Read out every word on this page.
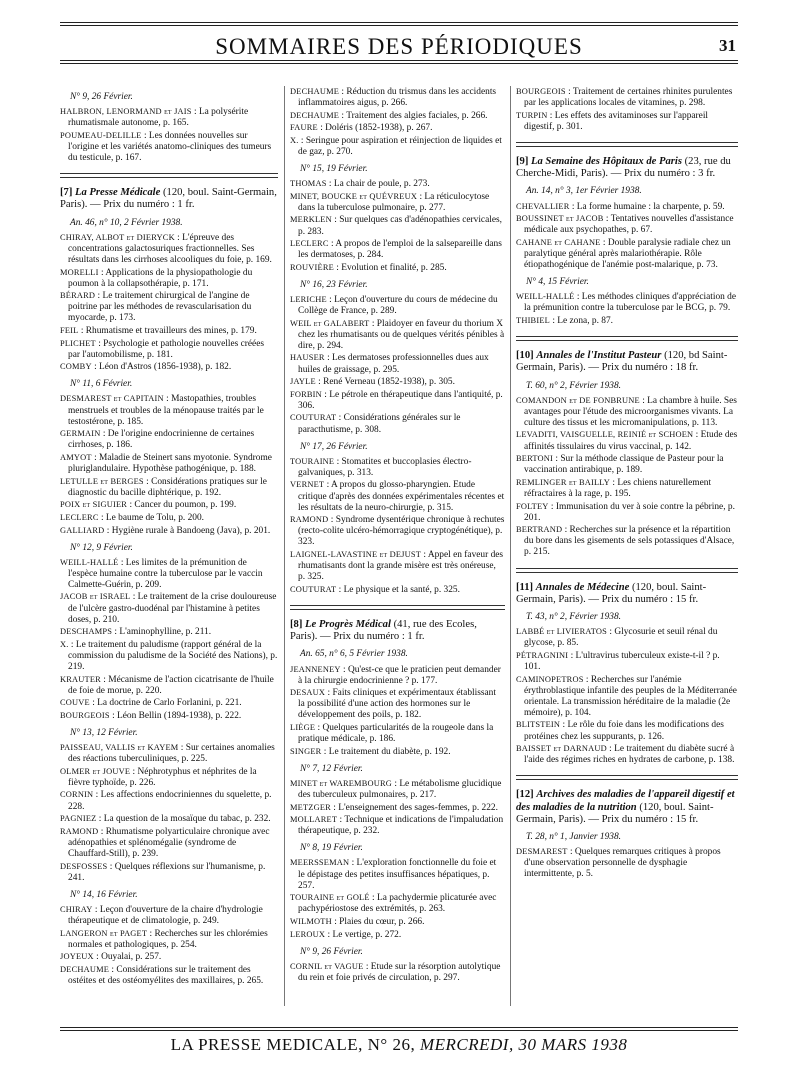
SOMMAIRES DES PÉRIODIQUES	31
N° 9, 26 Février.
HALBRON, LENORMAND et JAIS : La polysérite rhumatismale autonome, p. 165.
POUMEAU-DELILLE : Les données nouvelles sur l'origine et les variétés anatomo-cliniques des tumeurs du testicule, p. 167.
[7] La Presse Médicale (120, boul. Saint-Germain, Paris). — Prix du numéro : 1 fr.
An. 46, n° 10, 2 Février 1938.
CHIRAY, ALBOT et DIERYCK : L'épreuve des concentrations galactosuriques fractionnelles. Ses résultats dans les cirrhoses alcooliques du foie, p. 169.
MORELLI : Applications de la physiopathologie du poumon à la collapsothérapie, p. 171.
BÉRARD : Le traitement chirurgical de l'angine de poitrine par les méthodes de revascularisation du myocarde, p. 173.
FEIL : Rhumatisme et travailleurs des mines, p. 179.
PLICHET : Psychologie et pathologie nouvelles créées par l'automobilisme, p. 181.
COMBY : Léon d'Astros (1856-1938), p. 182.
N° 11, 6 Février.
DESMAREST et CAPITAIN : Mastopathies, troubles menstruels et troubles de la ménopause traités par le testostérone, p. 185.
GERMAIN : De l'origine endocrinienne de certaines cirrhoses, p. 186.
AMYOT : Maladie de Steinert sans myotonie. Syndrome pluriglandulaire. Hypothèse pathogénique, p. 188.
LETULLE et BERGES : Considérations pratiques sur le diagnostic du bacille diphtérique, p. 192.
POIX et SIGUIER : Cancer du poumon, p. 199.
LECLERC : Le baume de Tolu, p. 200.
GALLIARD : Hygiène rurale à Bandoeng (Java), p. 201.
N° 12, 9 Février.
WEILL-HALLÉ : Les limites de la prémunition de l'espèce humaine contre la tuberculose par le vaccin Calmette-Guérin, p. 209.
JACOB et ISRAEL : Le traitement de la crise douloureuse de l'ulcère gastro-duodénal par l'histamine à petites doses, p. 210.
DESCHAMPS : L'aminophylline, p. 211.
X. : Le traitement du paludisme (rapport général de la commission du paludisme de la Société des Nations), p. 219.
KRAUTER : Mécanisme de l'action cicatrisante de l'huile de foie de morue, p. 220.
COUVE : La doctrine de Carlo Forlanini, p. 221.
BOURGEOIS : Léon Bellin (1894-1938), p. 222.
N° 13, 12 Février.
PAISSEAU, VALLIS et KAYEM : Sur certaines anomalies des réactions tuberculiniques, p. 225.
OLMER et JOUVE : Néphrotyphus et néphrites de la fièvre typhoïde, p. 226.
CORNIN : Les affections endocriniennes du squelette, p. 228.
PAGNIEZ : La question de la mosaïque du tabac, p. 232.
RAMOND : Rhumatisme polyarticulaire chronique avec adénopathies et splénomégalie (syndrome de Chauffard-Still), p. 239.
DESFOSSES : Quelques réflexions sur l'humanisme, p. 241.
N° 14, 16 Février.
CHIRAY : Leçon d'ouverture de la chaire d'hydrologie thérapeutique et de climatologie, p. 249.
LANGERON et PAGET : Recherches sur les chlorémies normales et pathologiques, p. 254.
JOYEUX : Ouyalai, p. 257.
DECHAUME : Considérations sur le traitement des ostéites et des ostéomyélites des maxillaires, p. 265.
DECHAUME : Réduction du trismus dans les accidents inflammatoires aigus, p. 266.
DECHAUME : Traitement des algies faciales, p. 266.
FAURE : Doléris (1852-1938), p. 267.
X. : Seringue pour aspiration et réinjection de liquides et de gaz, p. 270.
N° 15, 19 Février.
THOMAS : La chair de poule, p. 273.
MINET, BOUCKE et QUÉVREUX : La réticulocytose dans la tuberculose pulmonaire, p. 277.
MERKLEN : Sur quelques cas d'adénopathies cervicales, p. 283.
LECLERC : A propos de l'emploi de la salsepareille dans les dermatoses, p. 284.
ROUVIÈRE : Evolution et finalité, p. 285.
N° 16, 23 Février.
LERICHE : Leçon d'ouverture du cours de médecine du Collège de France, p. 289.
WEIL et GALABERT : Plaidoyer en faveur du thorium X chez les rhumatisants ou de quelques vérités pénibles à dire, p. 294.
HAUSER : Les dermatoses professionnelles dues aux huiles de graissage, p. 295.
JAYLE : René Verneau (1852-1938), p. 305.
FORBIN : Le pétrole en thérapeutique dans l'antiquité, p. 306.
COUTURAT : Considérations générales sur le paracthutisme, p. 308.
N° 17, 26 Février.
TOURAINE : Stomatites et buccoplasies électro-galvaniques, p. 313.
VERNET : A propos du glosso-pharyngien. Etude critique d'après des données expérimentales récentes et les résultats de la neuro-chirurgie, p. 315.
RAMOND : Syndrome dysentérique chronique à rechutes (recto-colite ulcéro-hémorragique cryptogénétique), p. 323.
LAIGNEL-LAVASTINE et DEJUST : Appel en faveur des rhumatisants dont la grande misère est très onéreuse, p. 325.
COUTURAT : Le physique et la santé, p. 325.
[8] Le Progrès Médical (41, rue des Ecoles, Paris). — Prix du numéro : 1 fr.
An. 65, n° 6, 5 Février 1938.
JEANNENEY : Qu'est-ce que le praticien peut demander à la chirurgie endocrinienne ? p. 177.
DESAUX : Faits cliniques et expérimentaux établissant la possibilité d'une action des hormones sur le développement des poils, p. 182.
LIÈGE : Quelques particularités de la rougeole dans la pratique médicale, p. 186.
SINGER : Le traitement du diabète, p. 192.
N° 7, 12 Février.
MINET et WAREMBOURG : Le métabolisme glucidique des tuberculeux pulmonaires, p. 217.
METZGER : L'enseignement des sages-femmes, p. 222.
MOLLARET : Technique et indications de l'impaludation thérapeutique, p. 232.
N° 8, 19 Février.
MEERSSEMAN : L'exploration fonctionnelle du foie et le dépistage des petites insuffisances hépatiques, p. 257.
TOURAINE et GOLÉ : La pachydermie plicaturée avec pachypériostose des extrémités, p. 263.
WILMOTH : Plaies du cœur, p. 266.
LEROUX : Le vertige, p. 272.
N° 9, 26 Février.
CORNIL et VAGUE : Etude sur la résorption autolytique du rein et foie privés de circulation, p. 297.
BOURGEOIS : Traitement de certaines rhinites purulentes par les applications locales de vitamines, p. 298.
TURPIN : Les effets des avitaminoses sur l'appareil digestif, p. 301.
[9] La Semaine des Hôpitaux de Paris (23, rue du Cherche-Midi, Paris). — Prix du numéro : 3 fr.
An. 14, n° 3, 1er Février 1938.
CHEVALLIER : La forme humaine : la charpente, p. 59.
BOUSSINET et JACOB : Tentatives nouvelles d'assistance médicale aux psychopathes, p. 67.
CAHANE et CAHANE : Double paralysie radiale chez un paralytique général après malariothérapie. Rôle étiopathogénique de l'anémie post-malarique, p. 73.
N° 4, 15 Février.
WEILL-HALLÉ : Les méthodes cliniques d'appréciation de la prémunition contre la tuberculose par le BCG, p. 79.
THIBIEL : Le zona, p. 87.
[10] Annales de l'Institut Pasteur (120, bd Saint-Germain, Paris). — Prix du numéro : 18 fr.
T. 60, n° 2, Février 1938.
COMANDON et DE FONBRUNE : La chambre à huile. Ses avantages pour l'étude des microorganismes vivants. La culture des tissus et les micromanipulations, p. 113.
LEVADITI, VAISGUELLE, REINIÉ et SCHOEN : Etude des affinités tissulaires du virus vaccinal, p. 142.
BERTONI : Sur la méthode classique de Pasteur pour la vaccination antirabique, p. 189.
REMLINGER et BAILLY : Les chiens naturellement réfractaires à la rage, p. 195.
FOLTEY : Immunisation du ver à soie contre la pébrine, p. 201.
BERTRAND : Recherches sur la présence et la répartition du bore dans les gisements de sels potassiques d'Alsace, p. 215.
[11] Annales de Médecine (120, boul. Saint-Germain, Paris). — Prix du numéro : 15 fr.
T. 43, n° 2, Février 1938.
LABBÉ et LIVIERATOS : Glycosurie et seuil rénal du glycose, p. 85.
PÉTRAGNINI : L'ultravirus tuberculeux existe-t-il ? p. 101.
CAMINOPETROS : Recherches sur l'anémie érythroblastique infantile des peuples de la Méditerranée orientale. La transmission héréditaire de la maladie (2e mémoire), p. 104.
BLITSTEIN : Le rôle du foie dans les modifications des protéines chez les suppurants, p. 126.
BAISSET et DARNAUD : Le traitement du diabète sucré à l'aide des régimes riches en hydrates de carbone, p. 138.
[12] Archives des maladies de l'appareil digestif et des maladies de la nutrition (120, boul. Saint-Germain, Paris). — Prix du numéro : 15 fr.
T. 28, n° 1, Janvier 1938.
DESMAREST : Quelques remarques critiques à propos d'une observation personnelle de dysphagie intermittente, p. 5.
LA PRESSE MEDICALE, N° 26, MERCREDI, 30 MARS 1938
